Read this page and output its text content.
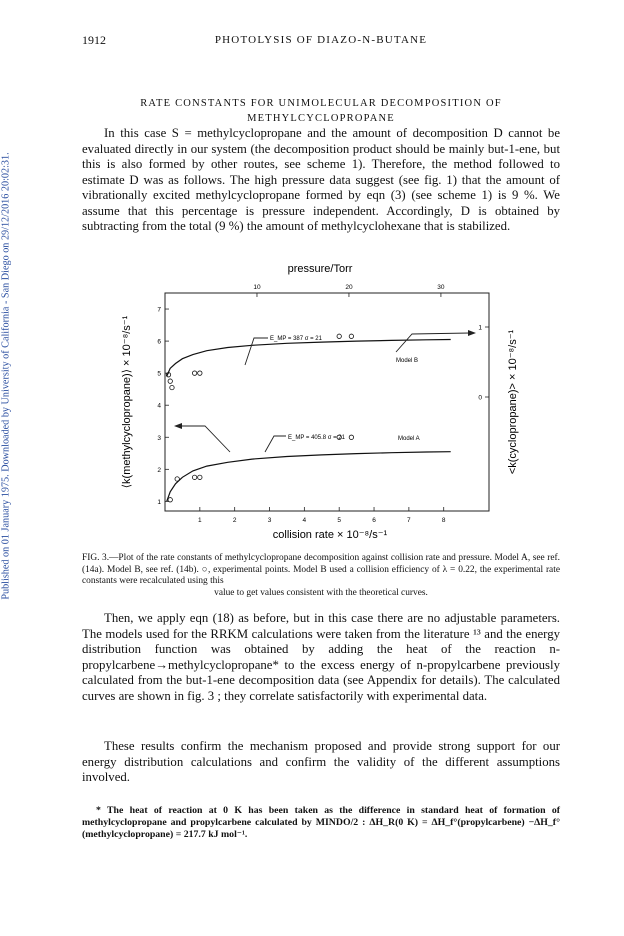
Published on 01 January 1975. Downloaded by University of California - San Diego on 29/12/2016 20:02:31.
1912	PHOTOLYSIS OF DIAZO-N-BUTANE
RATE CONSTANTS FOR UNIMOLECULAR DECOMPOSITION OF
METHYLCYCLOPROPANE
In this case S = methylcyclopropane and the amount of decomposition D cannot be evaluated directly in our system (the decomposition product should be mainly but-1-ene, but this is also formed by other routes, see scheme 1). Therefore, the method followed to estimate D was as follows. The high pressure data suggest (see fig. 1) that the amount of vibrationally excited methylcyclopropane formed by eqn (3) (see scheme 1) is 9 %. We assume that this percentage is pressure independent. Accordingly, D is obtained by subtracting from the total (9 %) the amount of methylcyclohexane that is stabilized.
pressure/Torr
1	2	3	4	5	6	7	8
10	20	30
1
2
3
4
5
6
7
0
1
⟨k(methylcyclopropane)⟩ × 10⁻⁸/s⁻¹	<k(cyclopropane)> × 10⁻⁸/s⁻¹
collision rate × 10⁻⁸/s⁻¹
E_MP = 387 σ = 21
Model B
E_MP = 405.8 σ = 21	Model A
FIG. 3.—Plot of the rate constants of methylcyclopropane decomposition against collision rate and pressure. Model A, see ref. (14a). Model B, see ref. (14b). ○, experimental points. Model B used a collision efficiency of λ = 0.22, the experimental rate constants were recalculated using this
value to get values consistent with the theoretical curves.
Then, we apply eqn (18) as before, but in this case there are no adjustable parameters. The models used for the RRKM calculations were taken from the literature ¹³ and the energy distribution function was obtained by adding the heat of the reaction n-propylcarbene→methylcyclopropane* to the excess energy of n-propylcarbene previously calculated from the but-1-ene decomposition data (see Appendix for details). The calculated curves are shown in fig. 3 ; they correlate satisfactorily with experimental data.
These results confirm the mechanism proposed and provide strong support for our energy distribution calculations and confirm the validity of the different assumptions involved.
* The heat of reaction at 0 K has been taken as the difference in standard heat of formation of methylcyclopropane and propylcarbene calculated by MINDO/2 : ΔH_R(0 K) = ΔH_f°(propylcarbene) −ΔH_f°(methylcyclopropane) = 217.7 kJ mol⁻¹.
